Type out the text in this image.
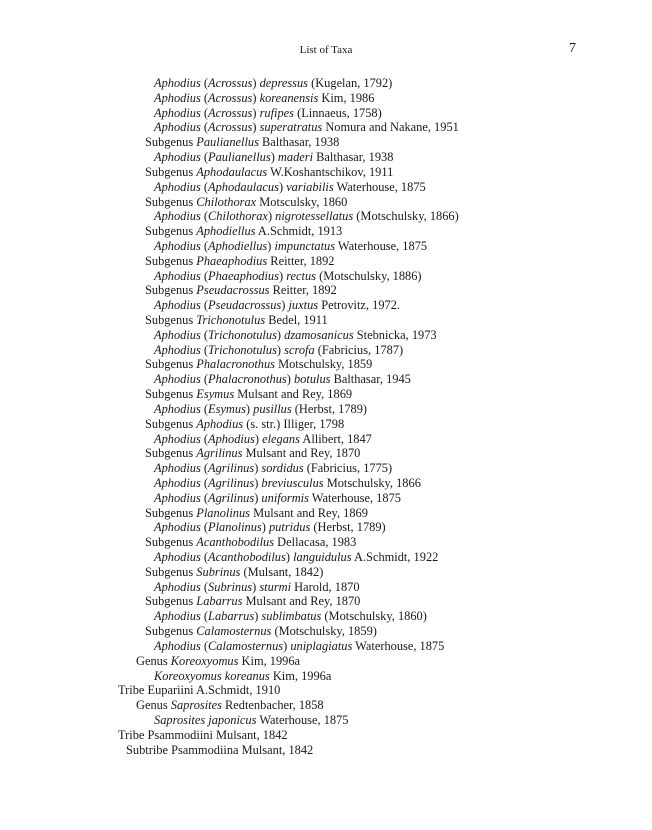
List of Taxa	7
Aphodius (Acrossus) depressus (Kugelan, 1792)
Aphodius (Acrossus) koreanensis Kim, 1986
Aphodius (Acrossus) rufipes (Linnaeus, 1758)
Aphodius (Acrossus) superatratus Nomura and Nakane, 1951
Subgenus Paulianellus Balthasar, 1938
Aphodius (Paulianellus) maderi Balthasar, 1938
Subgenus Aphodaulacus W.Koshantschikov, 1911
Aphodius (Aphodaulacus) variabilis Waterhouse, 1875
Subgenus Chilothorax Motsculsky, 1860
Aphodius (Chilothorax) nigrotessellatus (Motschulsky, 1866)
Subgenus Aphodiellus A.Schmidt, 1913
Aphodius (Aphodiellus) impunctatus Waterhouse, 1875
Subgenus Phaeaphodius Reitter, 1892
Aphodius (Phaeaphodius) rectus (Motschulsky, 1886)
Subgenus Pseudacrossus Reitter, 1892
Aphodius (Pseudacrossus) juxtus Petrovitz, 1972.
Subgenus Trichonotulus Bedel, 1911
Aphodius (Trichonotulus) dzamosanicus Stebnicka, 1973
Aphodius (Trichonotulus) scrofa (Fabricius, 1787)
Subgenus Phalacronothus Motschulsky, 1859
Aphodius (Phalacronothus) botulus Balthasar, 1945
Subgenus Esymus Mulsant and Rey, 1869
Aphodius (Esymus) pusillus (Herbst, 1789)
Subgenus Aphodius (s. str.) Illiger, 1798
Aphodius (Aphodius) elegans Allibert, 1847
Subgenus Agrilinus Mulsant and Rey, 1870
Aphodius (Agrilinus) sordidus (Fabricius, 1775)
Aphodius (Agrilinus) breviusculus Motschulsky, 1866
Aphodius (Agrilinus) uniformis Waterhouse, 1875
Subgenus Planolinus Mulsant and Rey, 1869
Aphodius (Planolinus) putridus (Herbst, 1789)
Subgenus Acanthobodilus Dellacasa, 1983
Aphodius (Acanthobodilus) languidulus A.Schmidt, 1922
Subgenus Subrinus (Mulsant, 1842)
Aphodius (Subrinus) sturmi Harold, 1870
Subgenus Labarrus Mulsant and Rey, 1870
Aphodius (Labarrus) sublimbatus (Motschulsky, 1860)
Subgenus Calamosternus (Motschulsky, 1859)
Aphodius (Calamosternus) uniplagiatus Waterhouse, 1875
Genus Koreoxyomus Kim, 1996a
Koreoxyomus koreanus Kim, 1996a
Tribe Eupariini A.Schmidt, 1910
Genus Saprosites Redtenbacher, 1858
Saprosites japonicus Waterhouse, 1875
Tribe Psammodiini Mulsant, 1842
Subtribe Psammodiina Mulsant, 1842
